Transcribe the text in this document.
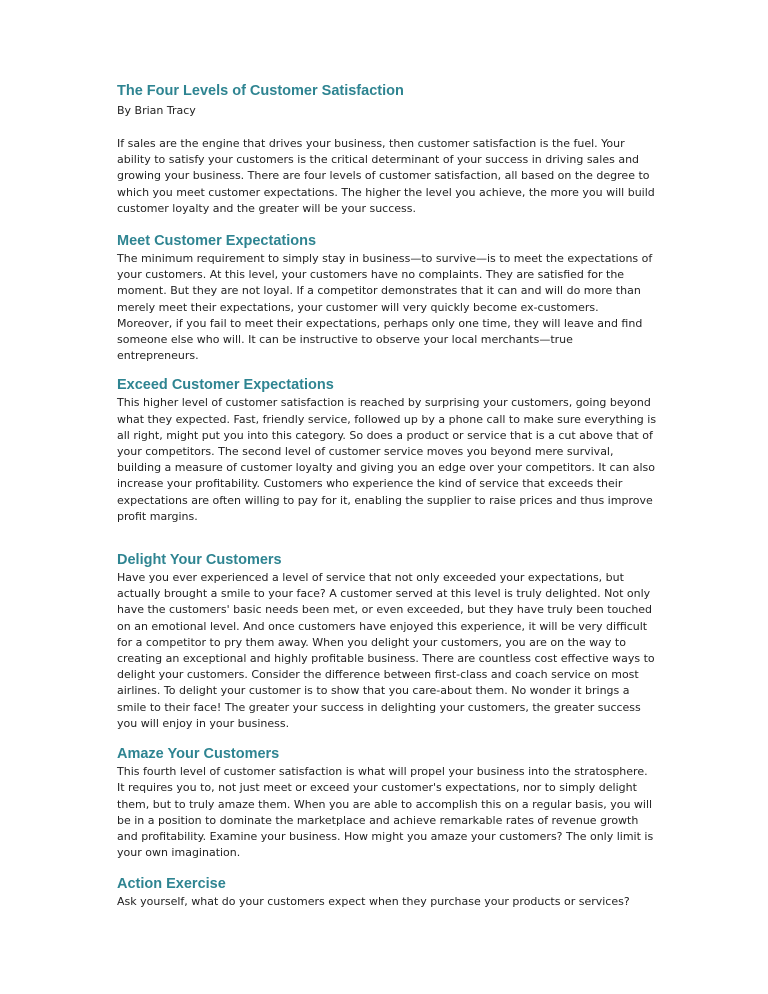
The Four Levels of Customer Satisfaction

By Brian Tracy

If sales are the engine that drives your business, then customer satisfaction is the fuel. Your ability to satisfy your customers is the critical determinant of your success in driving sales and growing your business. There are four levels of customer satisfaction, all based on the degree to which you meet customer expectations. The higher the level you achieve, the more you will build customer loyalty and the greater will be your success.

Meet Customer Expectations

The minimum requirement to simply stay in business—to survive—is to meet the expectations of your customers. At this level, your customers have no complaints. They are satisfied for the moment. But they are not loyal. If a competitor demonstrates that it can and will do more than merely meet their expectations, your customer will very quickly become ex-customers. Moreover, if you fail to meet their expectations, perhaps only one time, they will leave and find someone else who will. It can be instructive to observe your local merchants—true entrepreneurs.

Exceed Customer Expectations

This higher level of customer satisfaction is reached by surprising your customers, going beyond what they expected. Fast, friendly service, followed up by a phone call to make sure everything is all right, might put you into this category. So does a product or service that is a cut above that of your competitors. The second level of customer service moves you beyond mere survival, building a measure of customer loyalty and giving you an edge over your competitors. It can also increase your profitability. Customers who experience the kind of service that exceeds their expectations are often willing to pay for it, enabling the supplier to raise prices and thus improve profit margins.

Delight Your Customers

Have you ever experienced a level of service that not only exceeded your expectations, but actually brought a smile to your face? A customer served at this level is truly delighted. Not only have the customers' basic needs been met, or even exceeded, but they have truly been touched on an emotional level. And once customers have enjoyed this experience, it will be very difficult for a competitor to pry them away. When you delight your customers, you are on the way to creating an exceptional and highly profitable business. There are countless cost effective ways to delight your customers. Consider the difference between first-class and coach service on most airlines. To delight your customer is to show that you care-about them. No wonder it brings a smile to their face! The greater your success in delighting your customers, the greater success you will enjoy in your business.

Amaze Your Customers

This fourth level of customer satisfaction is what will propel your business into the stratosphere. It requires you to, not just meet or exceed your customer's expectations, nor to simply delight them, but to truly amaze them. When you are able to accomplish this on a regular basis, you will be in a position to dominate the marketplace and achieve remarkable rates of revenue growth and profitability. Examine your business. How might you amaze your customers? The only limit is your own imagination.

Action Exercise

Ask yourself, what do your customers expect when they purchase your products or services?
